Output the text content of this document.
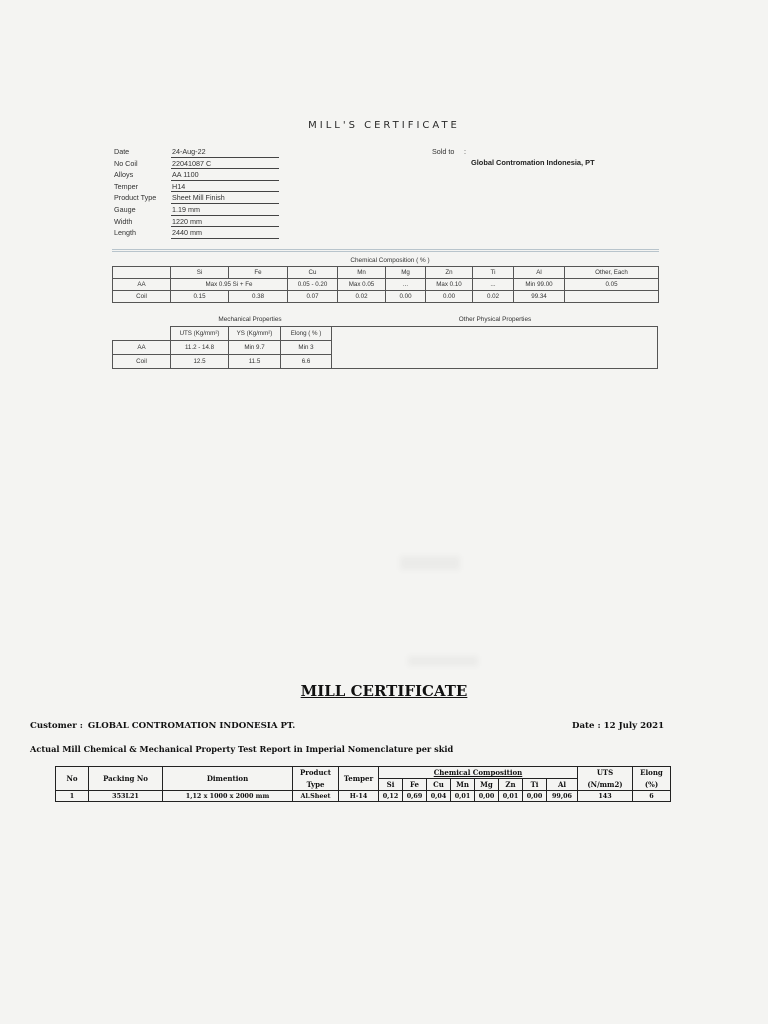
MILL'S CERTIFICATE
Date	24-Aug-22
No Coil	22041087 C
Alloys	AA 1100
Temper	H14
Product Type	Sheet Mill Finish
Gauge	1.19 mm
Width	1220 mm
Length	2440 mm
Sold to :
Global Contromation Indonesia, PT
Chemical Composition ( % )
	Si	Fe	Cu	Mn	Mg	Zn	Ti	Al	Other, Each
AA	Max 0.95 Si + Fe		0.05 - 0.20	Max 0.05	...	Max 0.10	...	Min 99.00	0.05
Coil	0.15	0.38	0.07	0.02	0.00	0.00	0.02	99.34	
Mechanical Properties	Other Physical Properties
	UTS (Kg/mm²)	YS (Kg/mm²)	Elong ( % )
AA	11.2 - 14.8	Min 9.7	Min 3
Coil	12.5	11.5	6.6
MILL CERTIFICATE
Customer : GLOBAL CONTROMATION INDONESIA PT.	Date : 12 July 2021
Actual Mill Chemical & Mechanical Property Test Report in Imperial Nomenclature per skid
No	Packing No	Dimention	Product	Temper	Chemical Composition								UTS	Elong
			Type		Si	Fe	Cu	Mn	Mg	Zn	Ti	Al	(N/mm2)	(%)
1	353L21	1,12 x 1000 x 2000 mm	Al.Sheet	H-14	0,12	0,69	0,04	0,01	0,00	0,01	0,00	99,06	143	6
